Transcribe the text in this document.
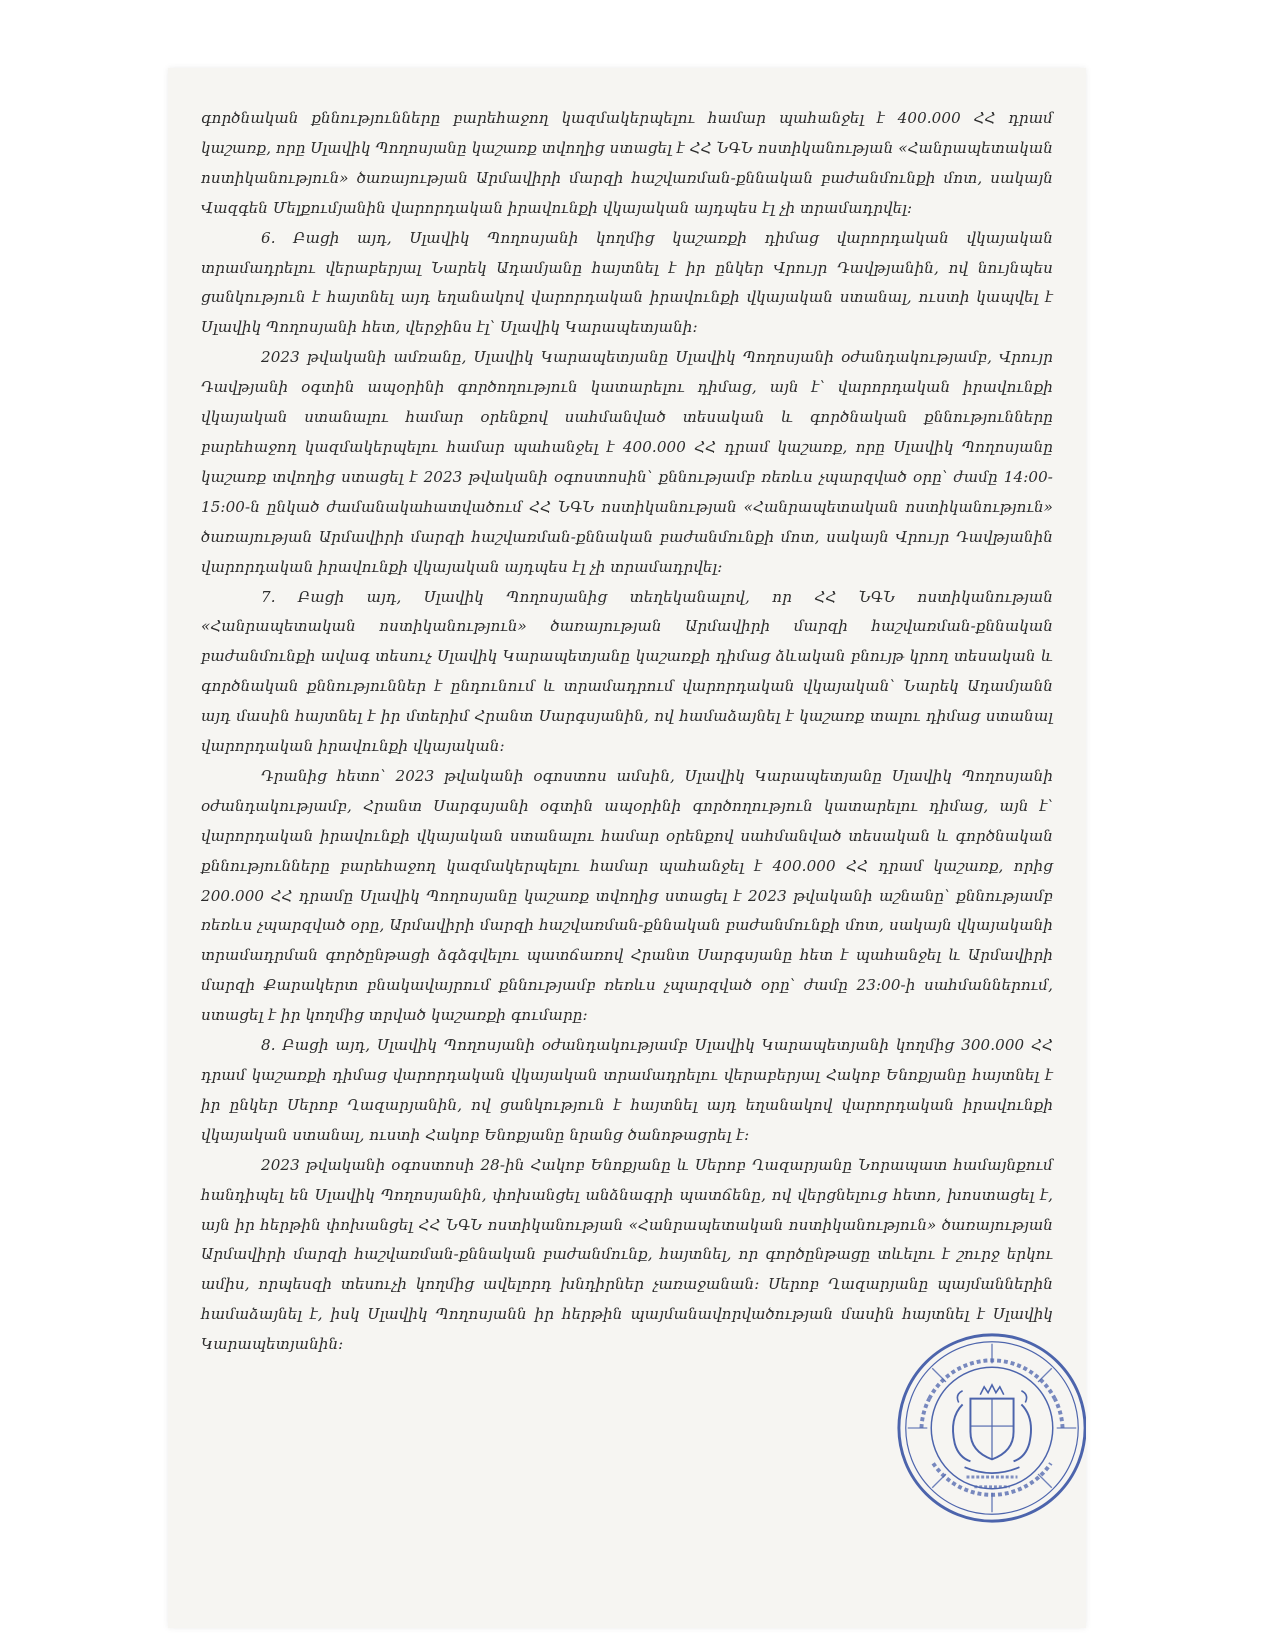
գործնական քննությունները բարեհաջող կազմակերպելու համար պահանջել է 400.000 ՀՀ դրամ կաշառք, որը Սլավիկ Պողոսյանը կաշառք տվողից ստացել է ՀՀ ՆԳՆ ոստիկանության «Հանրապետական ոստիկանություն» ծառայության Արմավիրի մարզի հաշվառման-քննական բաժանմունքի մոտ, սակայն Վազգեն Մելքումյանին վարորդական իրավունքի վկայական այդպես էլ չի տրամադրվել:

6. Բացի այդ, Սլավիկ Պողոսյանի կողմից կաշառքի դիմաց վարորդական վկայական տրամադրելու վերաբերյալ Նարեկ Ադամյանը հայտնել է իր ընկեր Վրույր Դավթյանին, ով նույնպես ցանկություն է հայտնել այդ եղանակով վարորդական իրավունքի վկայական ստանալ, ուստի կապվել է Սլավիկ Պողոսյանի հետ, վերջինս էլ՝ Սլավիկ Կարապետյանի:

2023 թվականի ամռանը, Սլավիկ Կարապետյանը Սլավիկ Պողոսյանի օժանդակությամբ, Վրույր Դավթյանի օգտին ապօրինի գործողություն կատարելու դիմաց, այն է՝ վարորդական իրավունքի վկայական ստանալու համար օրենքով սահմանված տեսական և գործնական քննությունները բարեհաջող կազմակերպելու համար պահանջել է 400.000 ՀՀ դրամ կաշառք, որը Սլավիկ Պողոսյանը կաշառք տվողից ստացել է 2023 թվականի օգոստոսին՝ քննությամբ ռեռևս չպարզված օրը՝ ժամը 14:00-15:00-ն ընկած ժամանակահատվածում ՀՀ ՆԳՆ ոստիկանության «Հանրապետական ոստիկանություն» ծառայության Արմավիրի մարզի հաշվառման-քննական բաժանմունքի մոտ, սակայն Վրույր Դավթյանին վարորդական իրավունքի վկայական այդպես էլ չի տրամադրվել:

7. Բացի այդ, Սլավիկ Պողոսյանից տեղեկանալով, որ ՀՀ ՆԳՆ ոստիկանության «Հանրապետական ոստիկանություն» ծառայության Արմավիրի մարզի հաշվառման-քննական բաժանմունքի ավագ տեսուչ Սլավիկ Կարապետյանը կաշառքի դիմաց ձևական բնույթ կրող տեսական և գործնական քննություններ է ընդունում և տրամադրում վարորդական վկայական՝ Նարեկ Ադամյանն այդ մասին հայտնել է իր մտերիմ Հրանտ Սարգսյանին, ով համաձայնել է կաշառք տալու դիմաց ստանալ վարորդական իրավունքի վկայական:

Դրանից հետո՝ 2023 թվականի օգոստոս ամսին, Սլավիկ Կարապետյանը Սլավիկ Պողոսյանի օժանդակությամբ, Հրանտ Սարգսյանի օգտին ապօրինի գործողություն կատարելու դիմաց, այն է՝ վարորդական իրավունքի վկայական ստանալու համար օրենքով սահմանված տեսական և գործնական քննությունները բարեհաջող կազմակերպելու համար պահանջել է 400.000 ՀՀ դրամ կաշառք, որից 200.000 ՀՀ դրամը Սլավիկ Պողոսյանը կաշառք տվողից ստացել է 2023 թվականի աշնանը՝ քննությամբ ռեռևս չպարզված օրը, Արմավիրի մարզի հաշվառման-քննական բաժանմունքի մոտ, սակայն վկայականի տրամադրման գործընթացի ձգձգվելու պատճառով Հրանտ Սարգսյանը հետ է պահանջել և Արմավիրի մարզի Քարակերտ բնակավայրում քննությամբ ռեռևս չպարզված օրը՝ ժամը 23:00-ի սահմաններում, ստացել է իր կողմից տրված կաշառքի գումարը:

8. Բացի այդ, Սլավիկ Պողոսյանի օժանդակությամբ Սլավիկ Կարապետյանի կողմից 300.000 ՀՀ դրամ կաշառքի դիմաց վարորդական վկայական տրամադրելու վերաբերյալ Հակոբ Ենոքյանը հայտնել է իր ընկեր Սերոբ Ղազարյանին, ով ցանկություն է հայտնել այդ եղանակով վարորդական իրավունքի վկայական ստանալ, ուստի Հակոբ Ենոքյանը նրանց ծանոթացրել է:

2023 թվականի օգոստոսի 28-ին Հակոբ Ենոքյանը և Սերոբ Ղազարյանը Նորապատ համայնքում հանդիպել են Սլավիկ Պողոսյանին, փոխանցել անձնագրի պատճենը, ով վերցնելուց հետո, խոստացել է, այն իր հերթին փոխանցել ՀՀ ՆԳՆ ոստիկանության «Հանրապետական ոստիկանություն» ծառայության Արմավիրի մարզի հաշվառման-քննական բաժանմունք, հայտնել, որ գործընթացը տևելու է շուրջ երկու ամիս, որպեսզի տեսուչի կողմից ավելորդ խնդիրներ չառաջանան: Սերոբ Ղազարյանը պայմաններին համաձայնել է, իսկ Սլավիկ Պողոսյանն իր հերթին պայմանավորվածության մասին հայտնել է Սլավիկ Կարապետյանին:
